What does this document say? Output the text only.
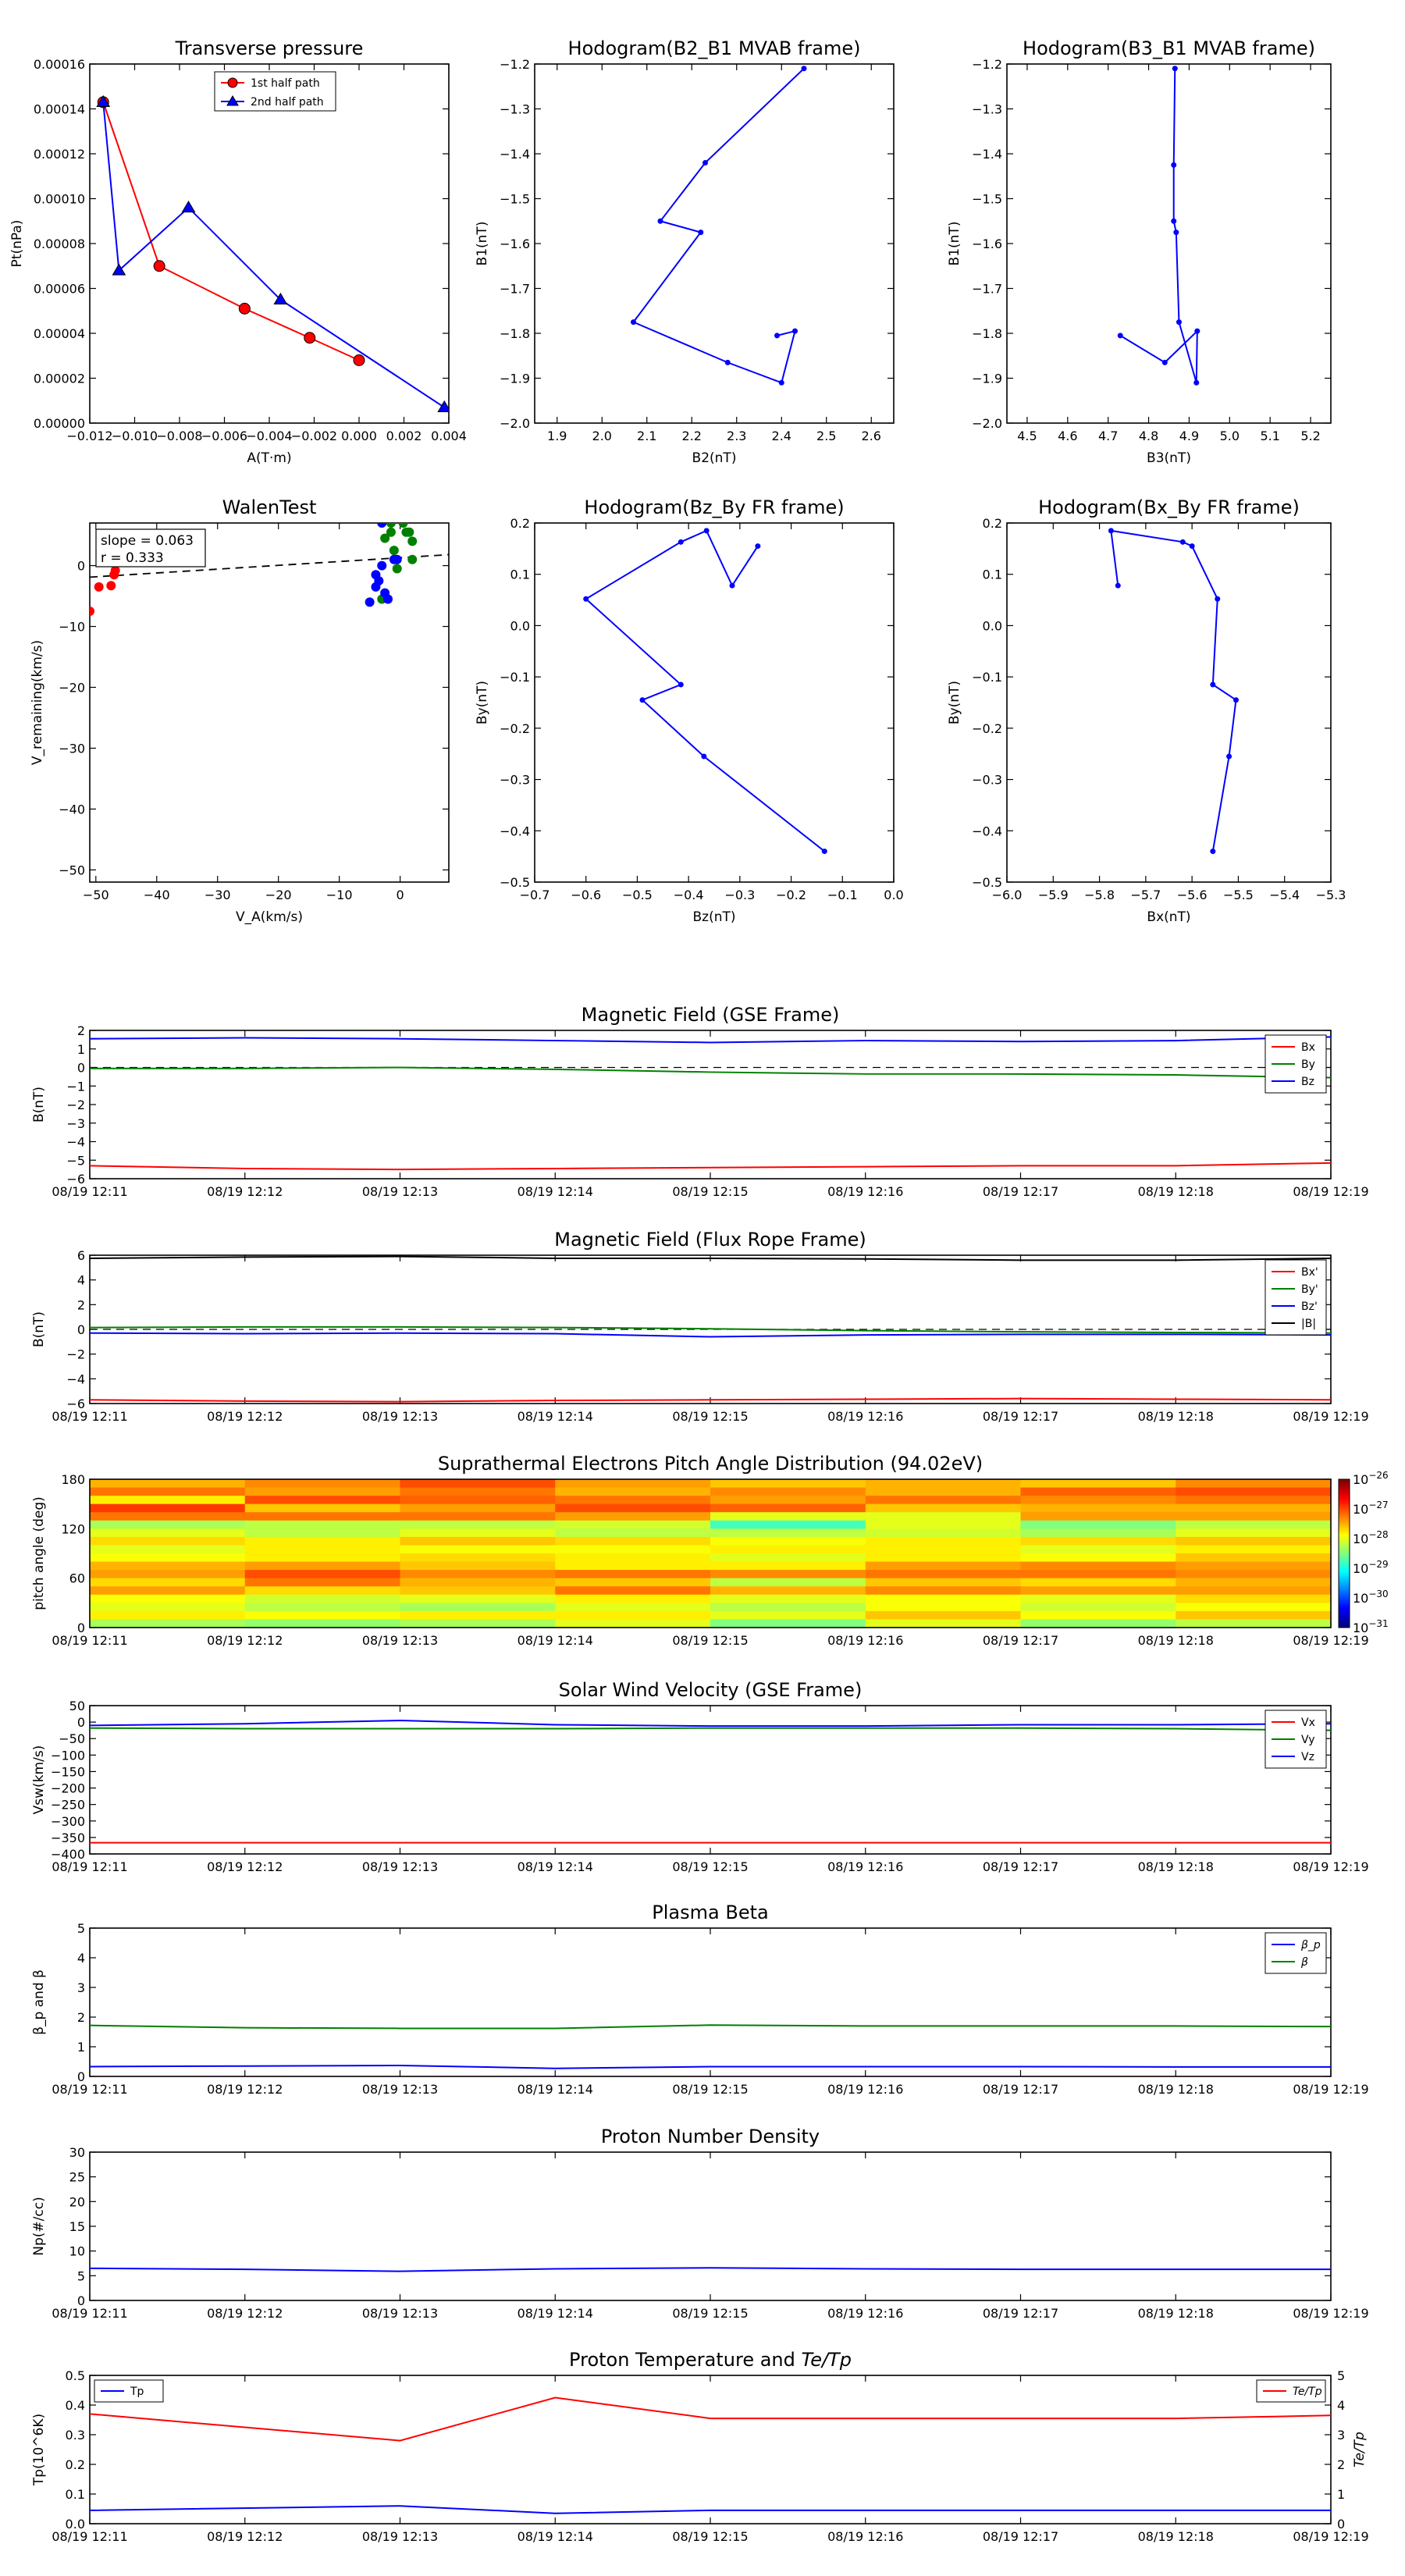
Transverse pressure
−0.012
−0.010
−0.008
−0.006
−0.004
−0.002 0.000 0.002 0.004
0.00000
0.00002
0.00004
0.00006
0.00008
0.00010
0.00012
0.00014
0.00016
A(T·m)
Pt(nPa)
1st half path
2nd half path
Hodogram(B2_B1 MVAB frame)
1.9 2.0 2.1 2.2 2.3 2.4 2.5 2.6
−2.0
−1.9
−1.8
−1.7
−1.6
−1.5
−1.4
−1.3
−1.2
B2(nT)
B1(nT)
Hodogram(B3_B1 MVAB frame)
4.5 4.6 4.7 4.8 4.9 5.0 5.1 5.2
−2.0
−1.9
−1.8
−1.7
−1.6
−1.5
−1.4
−1.3
−1.2
B3(nT)
B1(nT)
WalenTest
−50	−40	−30	−20	−10	0
−50
−40
−30
−20
−10
0
V_A(km/s)
V_remaining(km/s)
slope = 0.063
r = 0.333
Hodogram(Bz_By FR frame)
−0.7 −0.6 −0.5 −0.4 −0.3 −0.2 −0.1 0.0
−0.5
−0.4
−0.3
−0.2
−0.1
0.0
0.1
0.2
Bz(nT)
By(nT)
Hodogram(Bx_By FR frame)
−6.0 −5.9 −5.8 −5.7 −5.6 −5.5 −5.4 −5.3
−0.5
−0.4
−0.3
−0.2
−0.1
0.0
0.1
0.2
Bx(nT)
By(nT)
Magnetic Field (GSE Frame)
08/19 12:11	08/19 12:12	08/19 12:13	08/19 12:14	08/19 12:15	08/19 12:16	08/19 12:17	08/19 12:18	08/19 12:19
−6
−5
−4
−3
−2
−1
0
1
2
B(nT)
Bx
By
Bz
Magnetic Field (Flux Rope Frame)
08/19 12:11	08/19 12:12	08/19 12:13	08/19 12:14	08/19 12:15	08/19 12:16	08/19 12:17	08/19 12:18	08/19 12:19
−6
−4
−2
0
2
4
6
B(nT)
Bx'
By'
Bz'
|B|
Suprathermal Electrons Pitch Angle Distribution (94.02eV)
08/19 12:11	08/19 12:12	08/19 12:13	08/19 12:14	08/19 12:15	08/19 12:16	08/19 12:17	08/19 12:18	08/19 12:19
0
60
120
180
pitch angle (deg)
$10^{-26}$
$10^{-27}$
$10^{-28}$
$10^{-29}$
$10^{-30}$
$10^{-31}$
Solar Wind Velocity (GSE Frame)
08/19 12:11	08/19 12:12	08/19 12:13	08/19 12:14	08/19 12:15	08/19 12:16	08/19 12:17	08/19 12:18	08/19 12:19
−400
−350
−300
−250
−200
−150
−100
−50
0
50
Vsw(km/s)
Vx
Vy
Vz
Plasma Beta
08/19 12:11	08/19 12:12	08/19 12:13	08/19 12:14	08/19 12:15	08/19 12:16	08/19 12:17	08/19 12:18	08/19 12:19
0
1
2
3
4
5
β_p and β
β_p
β
Proton Number Density
08/19 12:11	08/19 12:12	08/19 12:13	08/19 12:14	08/19 12:15	08/19 12:16	08/19 12:17	08/19 12:18	08/19 12:19
0
5
10
15
20
25
30
Np(#/cc)
Proton Temperature and Te/Tp
08/19 12:11	08/19 12:12	08/19 12:13	08/19 12:14	08/19 12:15	08/19 12:16	08/19 12:17	08/19 12:18	08/19 12:19
0.0
0.1
0.2
0.3
0.4
0.5
Tp(10^6K)
0
1
2
3
4
5
Te/Tp
Tp	Te/Tp
